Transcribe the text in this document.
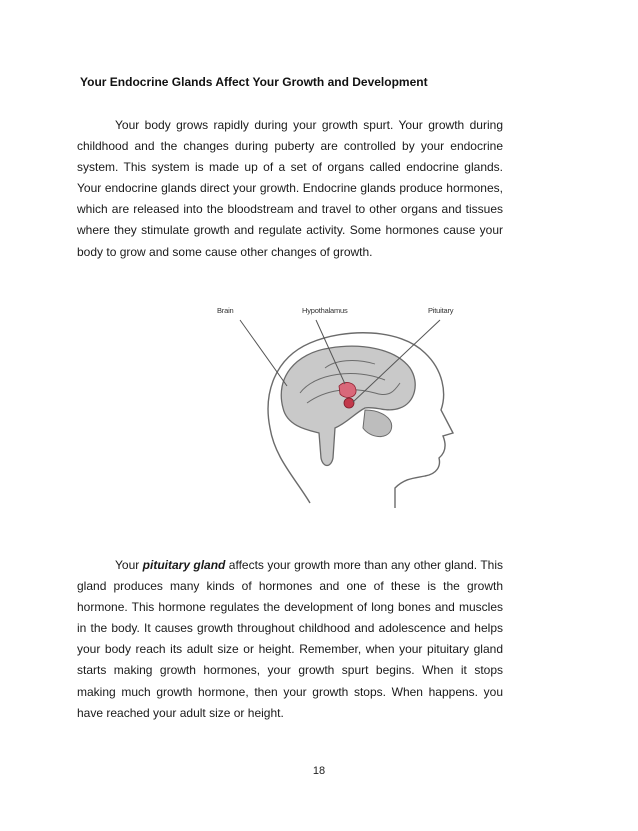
Your Endocrine Glands Affect Your Growth and Development

Your body grows rapidly during your growth spurt. Your growth during childhood and the changes during puberty are controlled by your endocrine system. This system is made up of a set of organs called endocrine glands. Your endocrine glands direct your growth. Endocrine glands produce hormones, which are released into the bloodstream and travel to other organs and tissues where they stimulate growth and regulate activity. Some hormones cause your body to grow and some cause other changes of growth.

Brain	Hypothalamus	Pituitary

Your pituitary gland affects your growth more than any other gland. This gland produces many kinds of hormones and one of these is the growth hormone. This hormone regulates the development of long bones and muscles in the body. It causes growth throughout childhood and adolescence and helps your body reach its adult size or height. Remember, when your pituitary gland starts making growth hormones, your growth spurt begins. When it stops making much growth hormone, then your growth stops. When happens. you have reached your adult size or height.

18
